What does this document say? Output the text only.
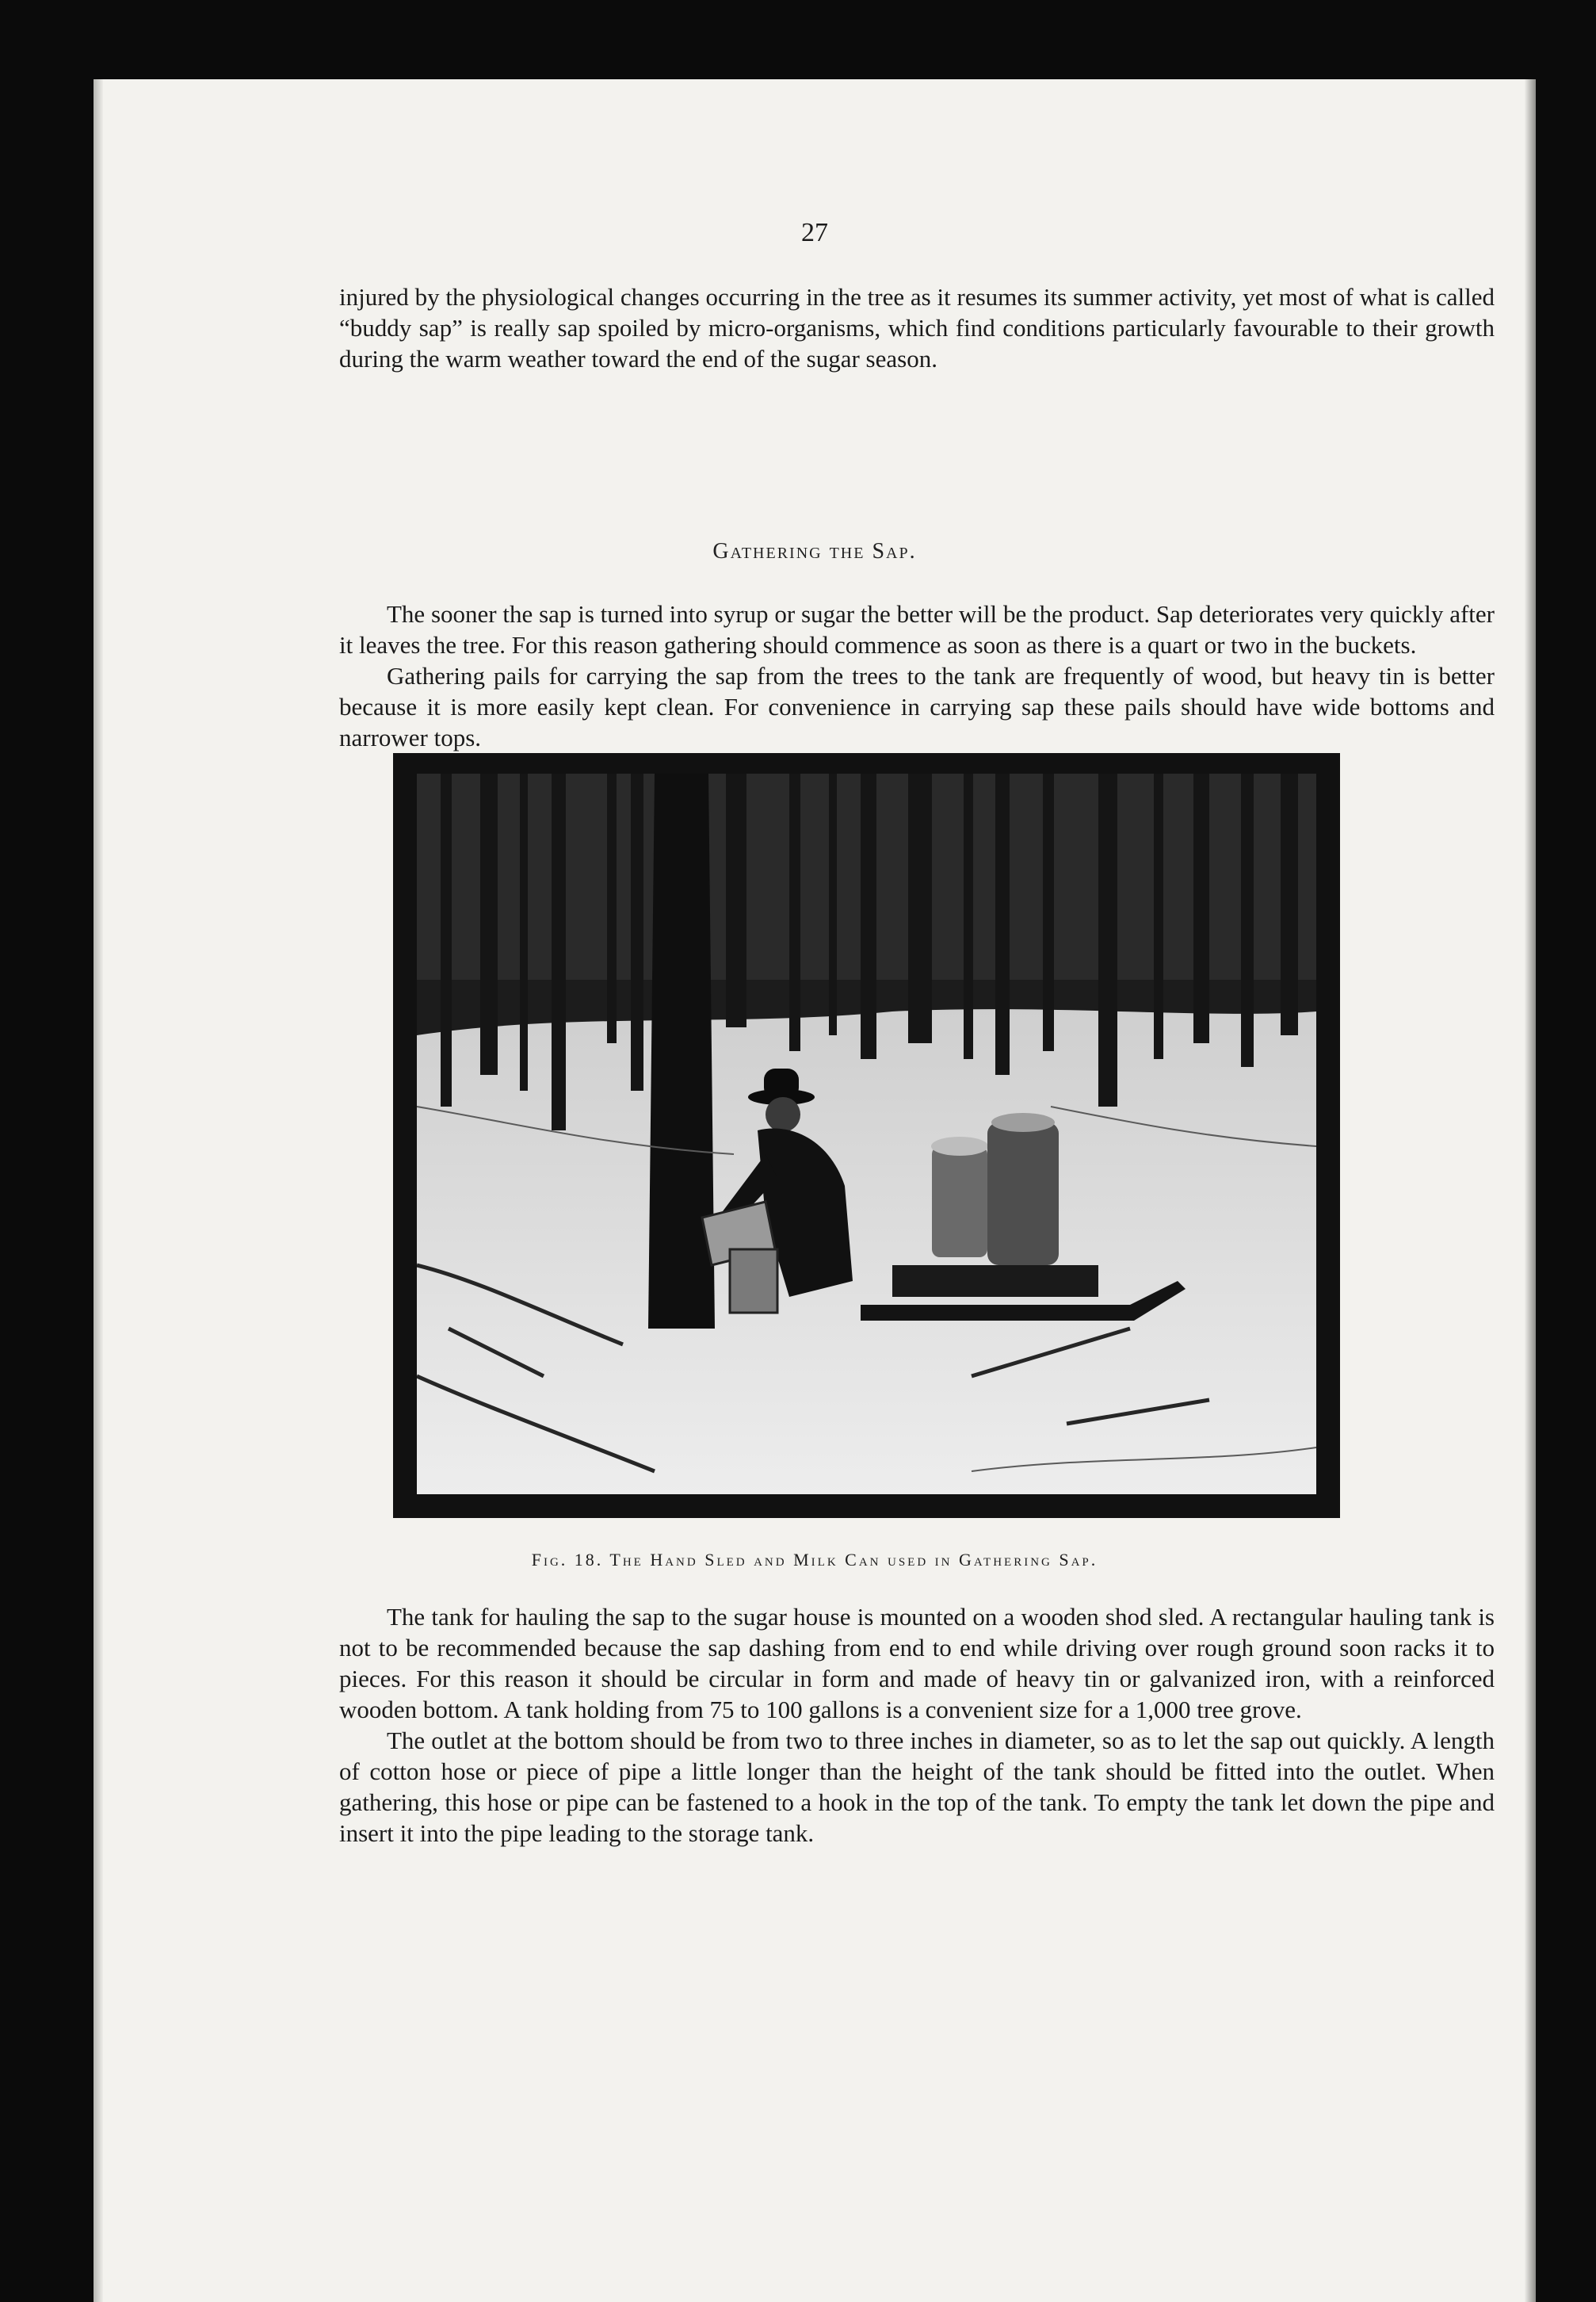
27

injured by the physiological changes occurring in the tree as it resumes its summer activity, yet most of what is called “buddy sap” is really sap spoiled by micro-organisms, which find conditions particularly favourable to their growth during the warm weather toward the end of the sugar season.

Gathering the Sap.

The sooner the sap is turned into syrup or sugar the better will be the product. Sap deteriorates very quickly after it leaves the tree. For this reason gathering should commence as soon as there is a quart or two in the buckets.

Gathering pails for carrying the sap from the trees to the tank are frequently of wood, but heavy tin is better because it is more easily kept clean. For convenience in carrying sap these pails should have wide bottoms and narrower tops.

Fig. 18. The Hand Sled and Milk Can used in Gathering Sap.

The tank for hauling the sap to the sugar house is mounted on a wooden shod sled. A rectangular hauling tank is not to be recommended because the sap dashing from end to end while driving over rough ground soon racks it to pieces. For this reason it should be circular in form and made of heavy tin or galvanized iron, with a reinforced wooden bottom. A tank holding from 75 to 100 gallons is a convenient size for a 1,000 tree grove.

The outlet at the bottom should be from two to three inches in diameter, so as to let the sap out quickly. A length of cotton hose or piece of pipe a little longer than the height of the tank should be fitted into the outlet. When gathering, this hose or pipe can be fastened to a hook in the top of the tank. To empty the tank let down the pipe and insert it into the pipe leading to the storage tank.
